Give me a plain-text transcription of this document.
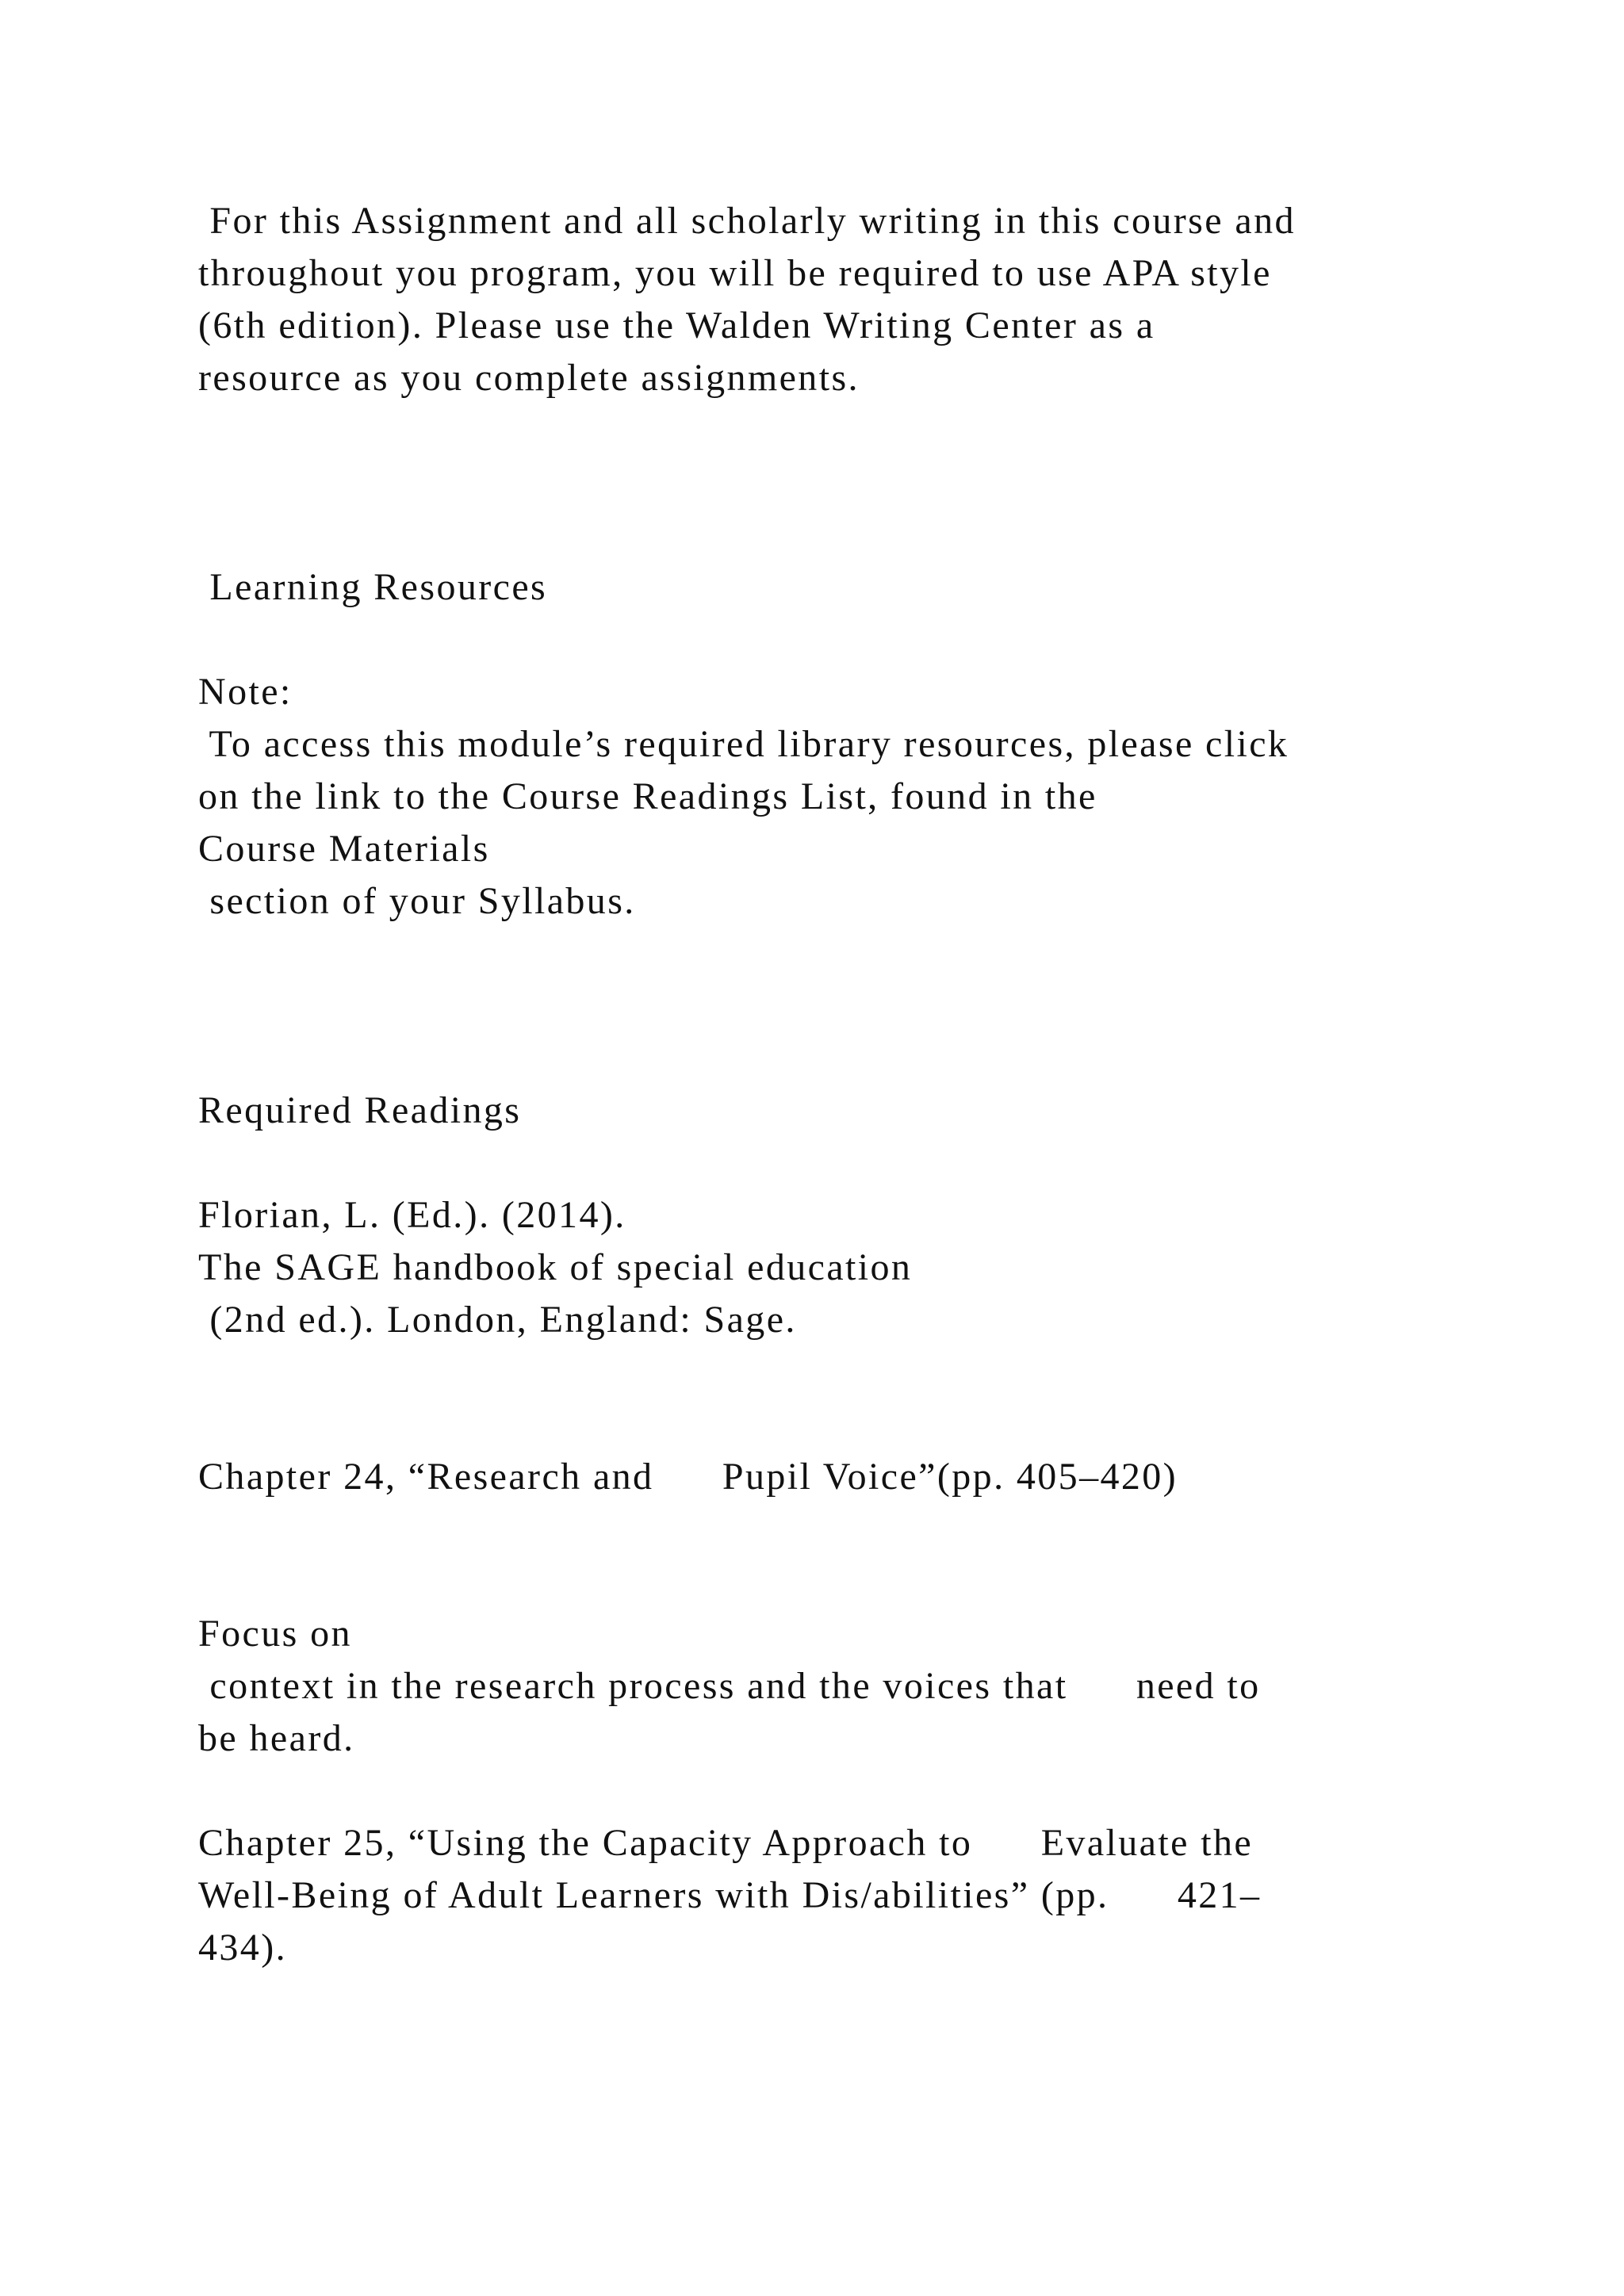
For this Assignment and all scholarly writing in this course and

throughout you program, you will be required to use APA style

(6th edition). Please use the Walden Writing Center as a

resource as you complete assignments.

Learning Resources

Note:

To access this module’s required library resources, please click

on the link to the Course Readings List, found in the

Course Materials

section of your Syllabus.

Required Readings

Florian, L. (Ed.). (2014).

The SAGE handbook of special education

(2nd ed.). London, England: Sage.

Chapter 24, “Research and      Pupil Voice”(pp. 405–420)

Focus on

context in the research process and the voices that      need to

be heard.

Chapter 25, “Using the Capacity Approach to      Evaluate the

Well-Being of Adult Learners with Dis/abilities” (pp.      421–

434).
